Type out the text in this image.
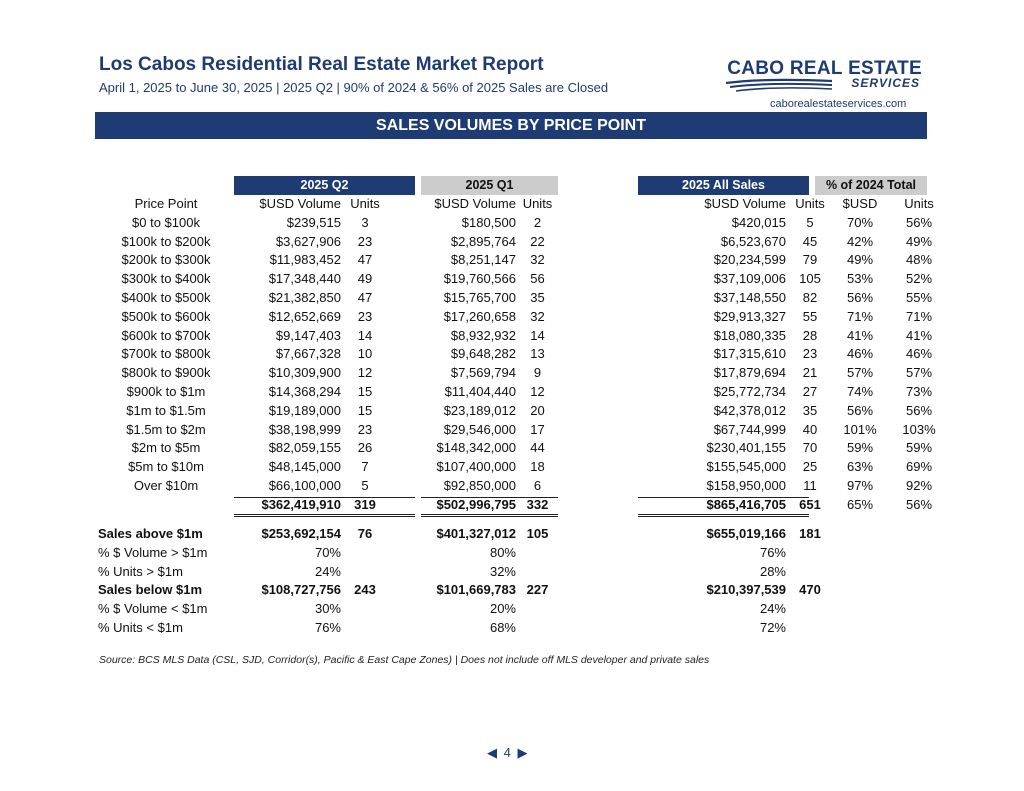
Los Cabos Residential Real Estate Market Report
April 1, 2025 to June 30, 2025 | 2025 Q2 | 90% of 2024 & 56% of 2025 Sales are Closed
CABO REAL ESTATE
SERVICES
caborealestateservices.com
SALES VOLUMES BY PRICE POINT
2025 Q2	2025 Q1	2025 All Sales	% of 2024 Total
Price Point	$USD Volume	Units	$USD Volume	Units	$USD Volume	Units	$USD	Units
$0 to $100k	$239,515	3	$180,500	2	$420,015	5	70%	56%
$100k to $200k	$3,627,906	23	$2,895,764	22	$6,523,670	45	42%	49%
$200k to $300k	$11,983,452	47	$8,251,147	32	$20,234,599	79	49%	48%
$300k to $400k	$17,348,440	49	$19,760,566	56	$37,109,006	105	53%	52%
$400k to $500k	$21,382,850	47	$15,765,700	35	$37,148,550	82	56%	55%
$500k to $600k	$12,652,669	23	$17,260,658	32	$29,913,327	55	71%	71%
$600k to $700k	$9,147,403	14	$8,932,932	14	$18,080,335	28	41%	41%
$700k to $800k	$7,667,328	10	$9,648,282	13	$17,315,610	23	46%	46%
$800k to $900k	$10,309,900	12	$7,569,794	9	$17,879,694	21	57%	57%
$900k to $1m	$14,368,294	15	$11,404,440	12	$25,772,734	27	74%	73%
$1m to $1.5m	$19,189,000	15	$23,189,012	20	$42,378,012	35	56%	56%
$1.5m to $2m	$38,198,999	23	$29,546,000	17	$67,744,999	40	101%	103%
$2m to $5m	$82,059,155	26	$148,342,000	44	$230,401,155	70	59%	59%
$5m to $10m	$48,145,000	7	$107,400,000	18	$155,545,000	25	63%	69%
Over $10m	$66,100,000	5	$92,850,000	6	$158,950,000	11	97%	92%
	$362,419,910	319	$502,996,795	332	$865,416,705	651	65%	56%
Sales above $1m	$253,692,154	76	$401,327,012	105	$655,019,166	181
% $ Volume > $1m	70%		80%		76%	
% Units > $1m	24%		32%		28%	
Sales below $1m	$108,727,756	243	$101,669,783	227	$210,397,539	470
% $ Volume < $1m	30%		20%		24%	
% Units < $1m	76%		68%		72%	
Source: BCS MLS Data (CSL, SJD, Corridor(s), Pacific & East Cape Zones) | Does not include off MLS developer and private sales
◀ 4 ▶
